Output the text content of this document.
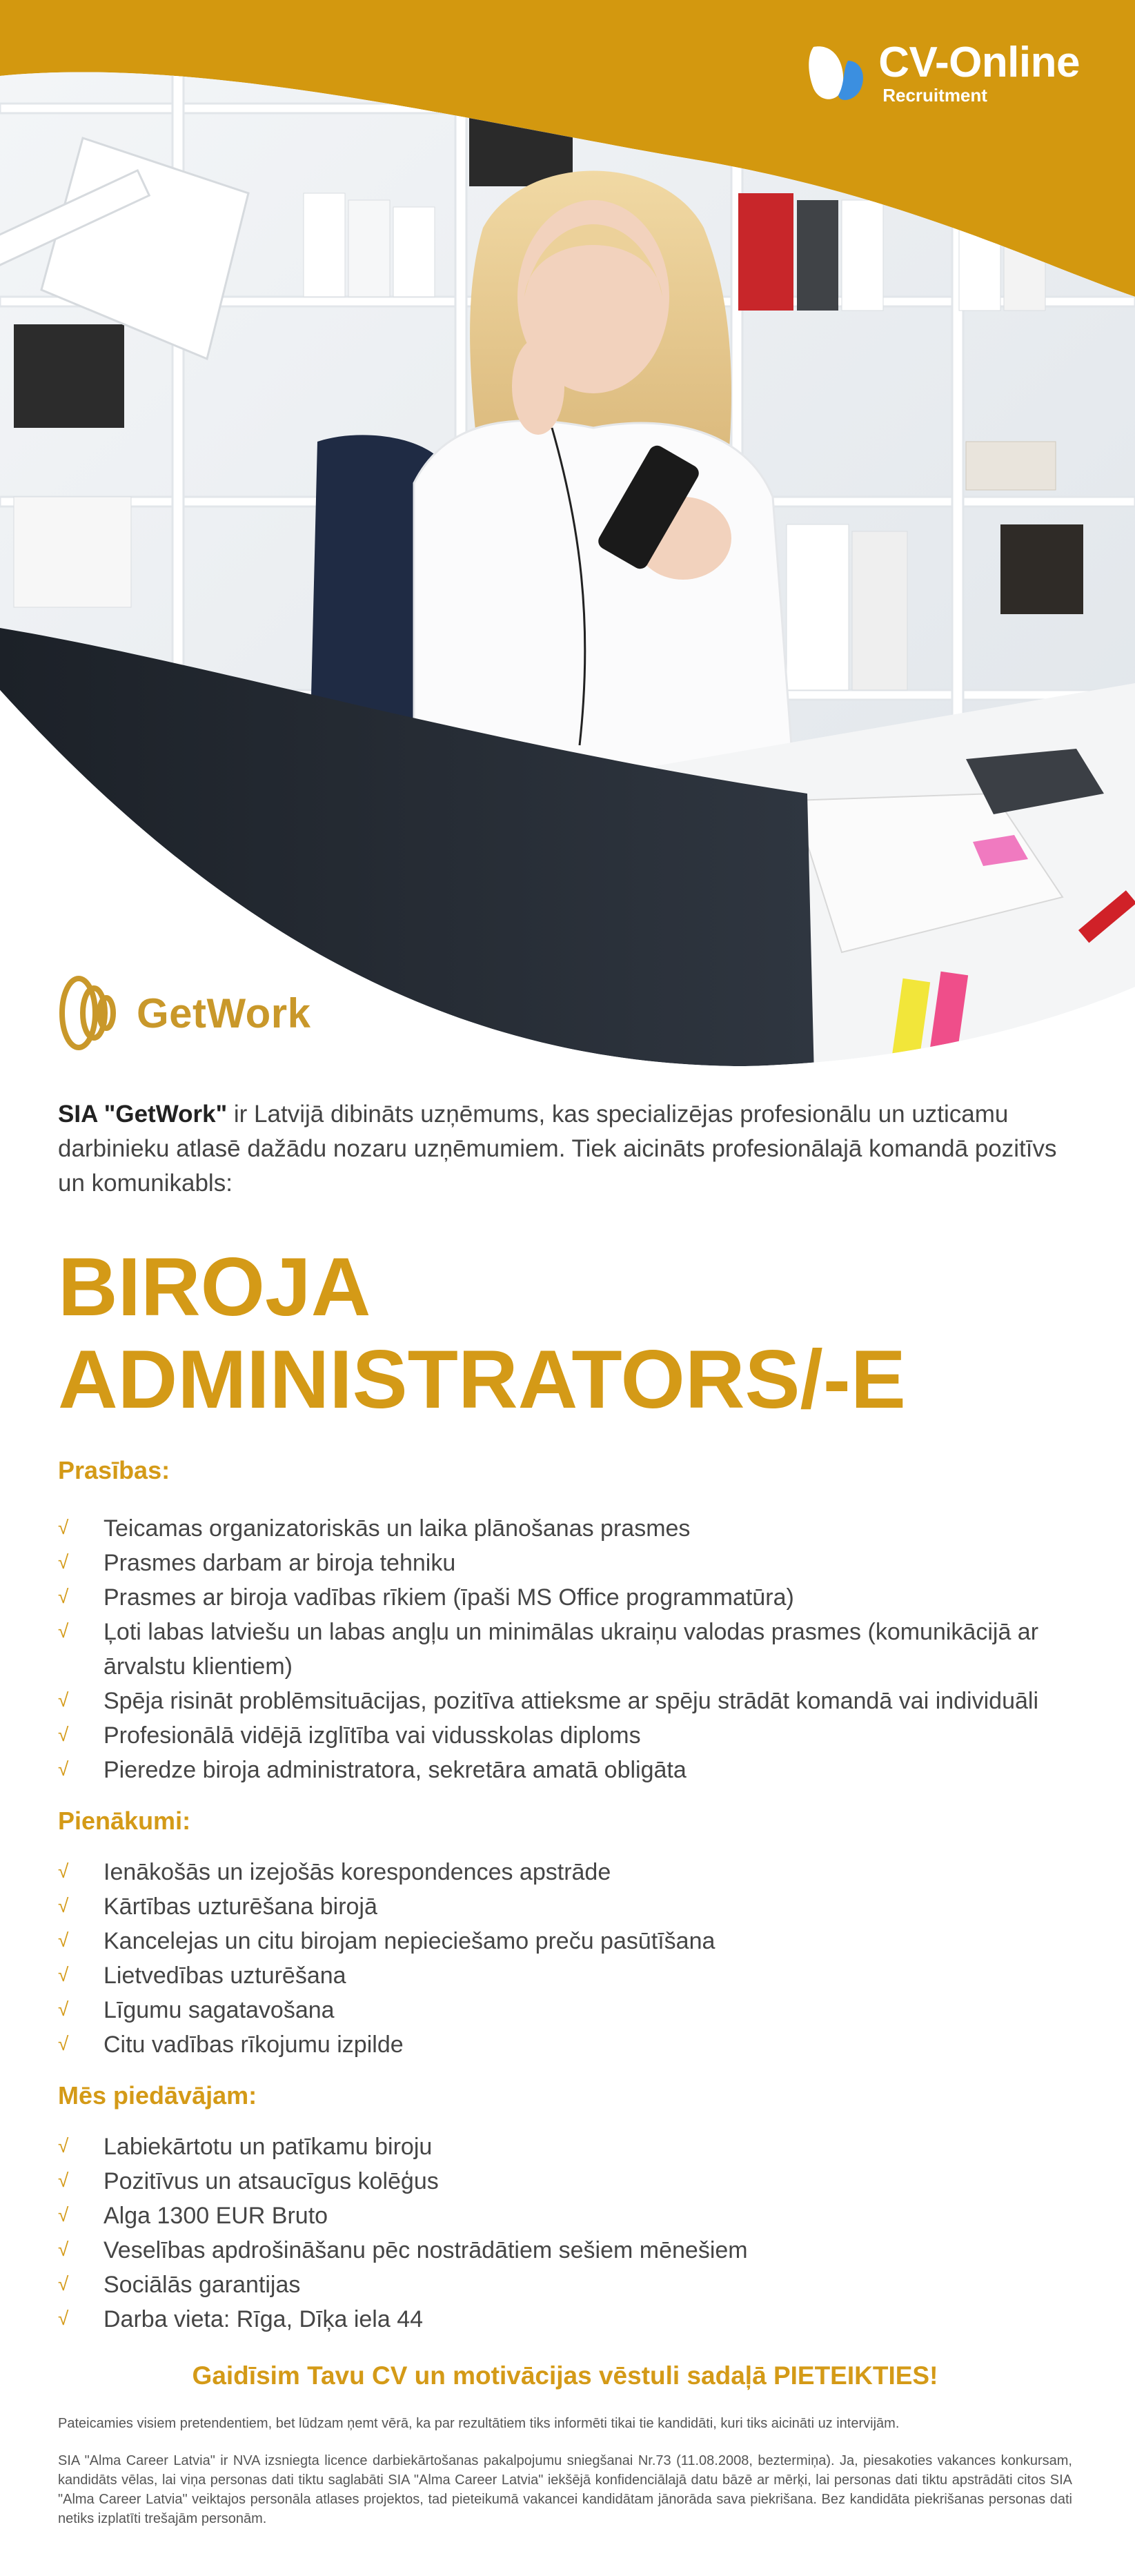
CV-Online
Recruitment
GetWork

SIA "GetWork" ir Latvijā dibināts uzņēmums, kas specializējas profesionālu un uzticamu darbinieku atlasē dažādu nozaru uzņēmumiem. Tiek aicināts profesionālajā komandā pozitīvs un komunikabls:

BIROJA
ADMINISTRATORS/-E
Prasības:
√	Teicamas organizatoriskās un laika plānošanas prasmes
√	Prasmes darbam ar biroja tehniku
√	Prasmes ar biroja vadības rīkiem (īpaši MS Office programmatūra)
√	Ļoti labas latviešu un labas angļu un minimālas ukraiņu valodas prasmes (komunikācijā ar ārvalstu klientiem)
√	Spēja risināt problēmsituācijas, pozitīva attieksme ar spēju strādāt komandā vai individuāli
√	Profesionālā vidējā izglītība vai vidusskolas diploms
√	Pieredze biroja administratora, sekretāra amatā obligāta
Pienākumi:
√	Ienākošās un izejošās korespondences apstrāde
√	Kārtības uzturēšana birojā
√	Kancelejas un citu birojam nepieciešamo preču pasūtīšana
√	Lietvedības uzturēšana
√	Līgumu sagatavošana
√	Citu vadības rīkojumu izpilde
Mēs piedāvājam:
√	Labiekārtotu un patīkamu biroju
√	Pozitīvus un atsaucīgus kolēģus
√	Alga 1300 EUR Bruto
√	Veselības apdrošināšanu pēc nostrādātiem sešiem mēnešiem
√	Sociālās garantijas
√	Darba vieta: Rīga, Dīķa iela 44

Gaidīsim Tavu CV un motivācijas vēstuli sadaļā PIETEIKTIES!

Pateicamies visiem pretendentiem, bet lūdzam ņemt vērā, ka par rezultātiem tiks informēti tikai tie kandidāti, kuri tiks aicināti uz intervijām.

SIA "Alma Career Latvia" ir NVA izsniegta licence darbiekārtošanas pakalpojumu sniegšanai Nr.73 (11.08.2008, beztermiņa). Ja, piesakoties vakances konkursam, kandidāts vēlas, lai viņa personas dati tiktu saglabāti SIA "Alma Career Latvia" iekšējā konfidenciālajā datu bāzē ar mērķi, lai personas dati tiktu apstrādāti citos SIA "Alma Career Latvia" veiktajos personāla atlases projektos, tad pieteikumā vakancei kandidātam jānorāda sava piekrišana. Bez kandidāta piekrišanas personas dati netiks izplatīti trešajām personām.
